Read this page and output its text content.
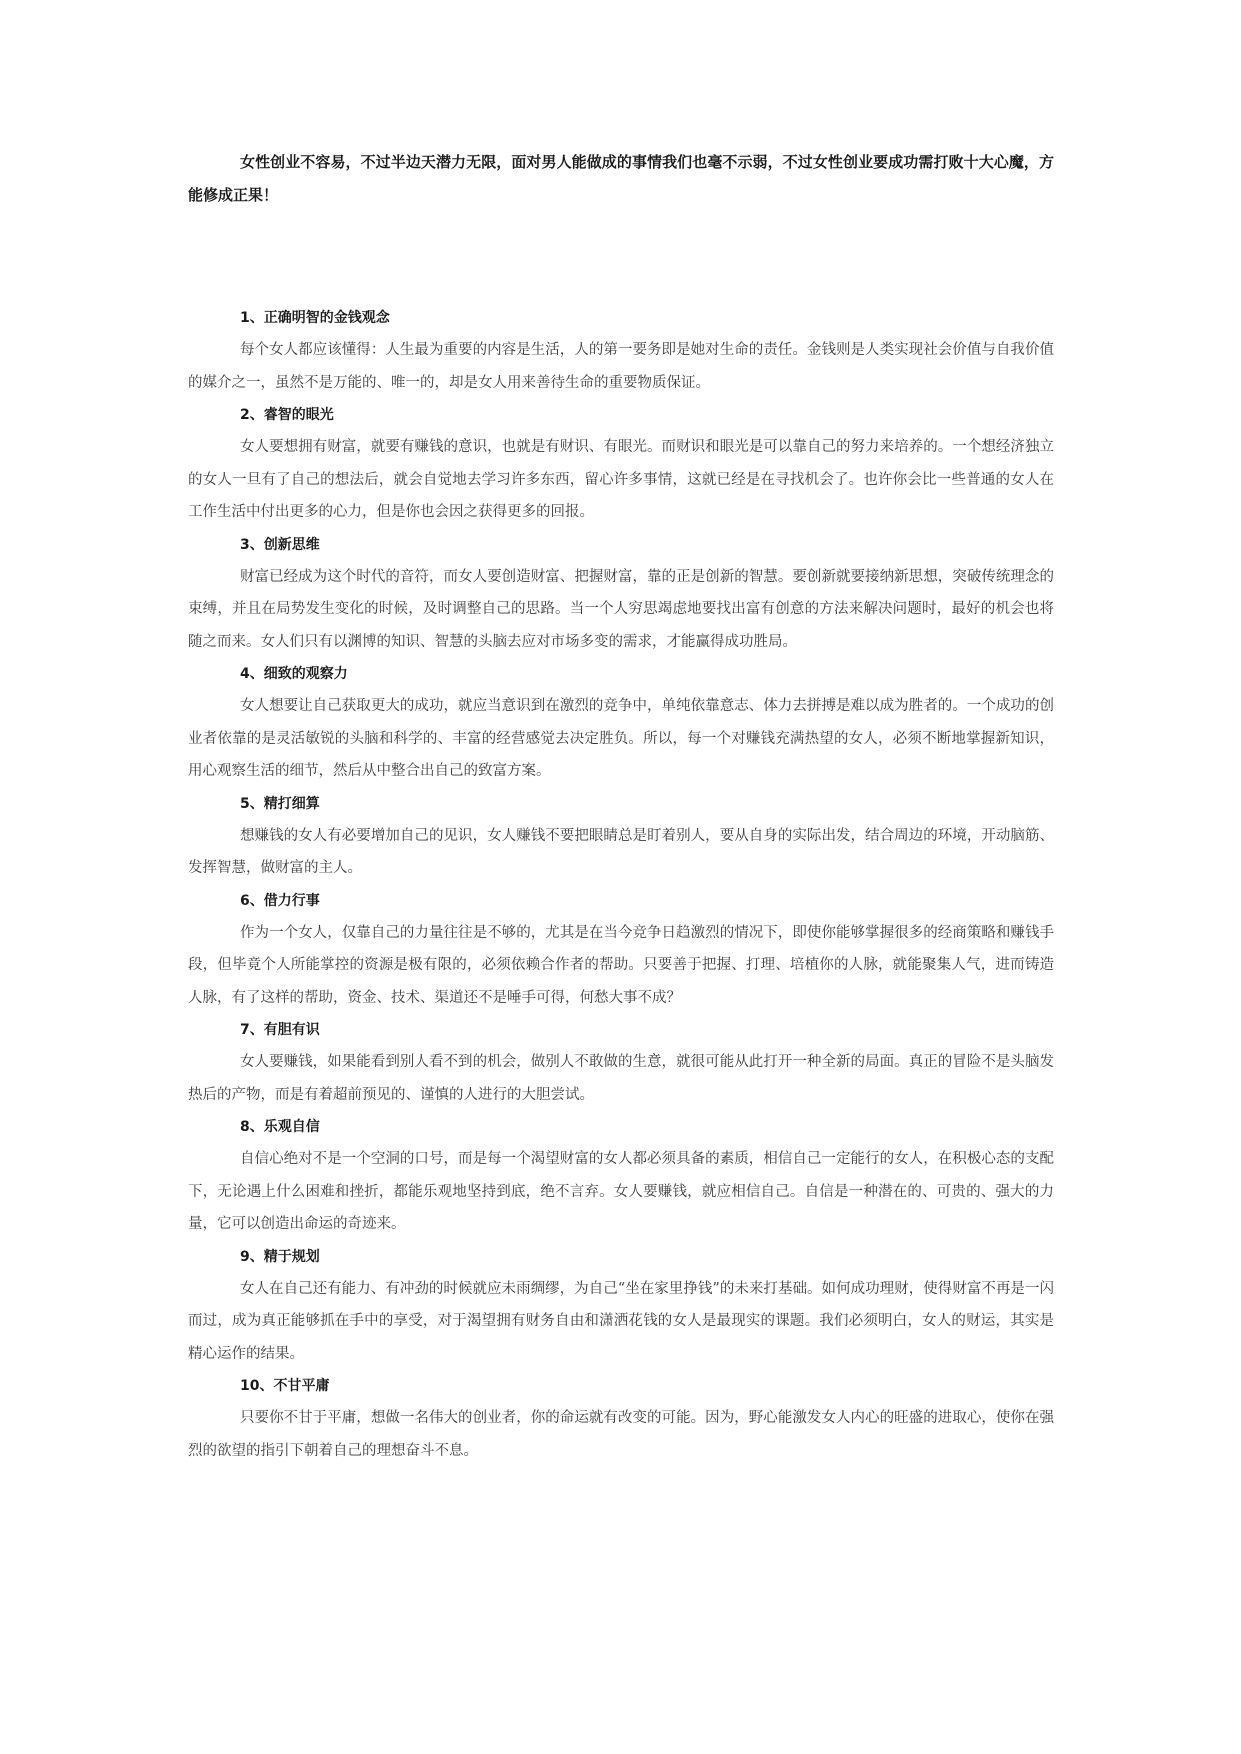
女性创业不容易，不过半边天潜力无限，面对男人能做成的事情我们也毫不示弱，不过女性创业要成功需打败十大心魔，方能修成正果！

1、正确明智的金钱观念

每个女人都应该懂得：人生最为重要的内容是生活，人的第一要务即是她对生命的责任。金钱则是人类实现社会价值与自我价值的媒介之一，虽然不是万能的、唯一的，却是女人用来善待生命的重要物质保证。

2、睿智的眼光

女人要想拥有财富，就要有赚钱的意识，也就是有财识、有眼光。而财识和眼光是可以靠自己的努力来培养的。一个想经济独立的女人一旦有了自己的想法后，就会自觉地去学习许多东西，留心许多事情，这就已经是在寻找机会了。也许你会比一些普通的女人在工作生活中付出更多的心力，但是你也会因之获得更多的回报。

3、创新思维

财富已经成为这个时代的音符，而女人要创造财富、把握财富，靠的正是创新的智慧。要创新就要接纳新思想，突破传统理念的束缚，并且在局势发生变化的时候，及时调整自己的思路。当一个人穷思竭虑地要找出富有创意的方法来解决问题时，最好的机会也将随之而来。女人们只有以渊博的知识、智慧的头脑去应对市场多变的需求，才能赢得成功胜局。

4、细致的观察力

女人想要让自己获取更大的成功，就应当意识到在激烈的竞争中，单纯依靠意志、体力去拼搏是难以成为胜者的。一个成功的创业者依靠的是灵活敏锐的头脑和科学的、丰富的经营感觉去决定胜负。所以，每一个对赚钱充满热望的女人，必须不断地掌握新知识，用心观察生活的细节，然后从中整合出自己的致富方案。

5、精打细算

想赚钱的女人有必要增加自己的见识，女人赚钱不要把眼睛总是盯着别人，要从自身的实际出发，结合周边的环境，开动脑筋、发挥智慧，做财富的主人。

6、借力行事

作为一个女人，仅靠自己的力量往往是不够的，尤其是在当今竞争日趋激烈的情况下，即使你能够掌握很多的经商策略和赚钱手段，但毕竟个人所能掌控的资源是极有限的，必须依赖合作者的帮助。只要善于把握、打理、培植你的人脉，就能聚集人气，进而铸造人脉，有了这样的帮助，资金、技术、渠道还不是唾手可得，何愁大事不成？

7、有胆有识

女人要赚钱，如果能看到别人看不到的机会，做别人不敢做的生意，就很可能从此打开一种全新的局面。真正的冒险不是头脑发热后的产物，而是有着超前预见的、谨慎的人进行的大胆尝试。

8、乐观自信

自信心绝对不是一个空洞的口号，而是每一个渴望财富的女人都必须具备的素质，相信自己一定能行的女人，在积极心态的支配下，无论遇上什么困难和挫折，都能乐观地坚持到底，绝不言弃。女人要赚钱，就应相信自己。自信是一种潜在的、可贵的、强大的力量，它可以创造出命运的奇迹来。

9、精于规划

女人在自己还有能力、有冲劲的时候就应未雨绸缪，为自己“坐在家里挣钱”的未来打基础。如何成功理财，使得财富不再是一闪而过，成为真正能够抓在手中的享受，对于渴望拥有财务自由和潇洒花钱的女人是最现实的课题。我们必须明白，女人的财运，其实是精心运作的结果。

10、不甘平庸

只要你不甘于平庸，想做一名伟大的创业者，你的命运就有改变的可能。因为，野心能激发女人内心的旺盛的进取心，使你在强烈的欲望的指引下朝着自己的理想奋斗不息。
